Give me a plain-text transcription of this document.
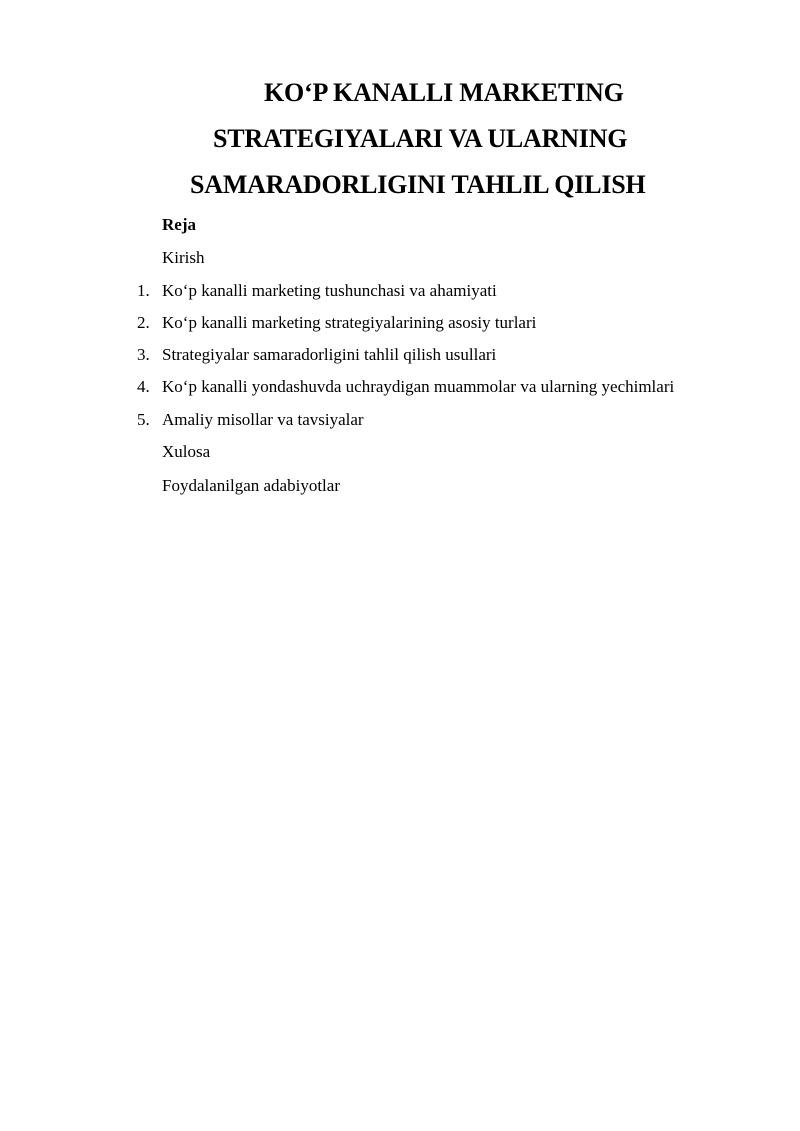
KO‘P KANALLI MARKETING
STRATEGIYALARI VA ULARNING
SAMARADORLIGINI TAHLIL QILISH
Reja
Kirish
1. Ko‘p kanalli marketing tushunchasi va ahamiyati
2. Ko‘p kanalli marketing strategiyalarining asosiy turlari
3. Strategiyalar samaradorligini tahlil qilish usullari
4. Ko‘p kanalli yondashuvda uchraydigan muammolar va ularning yechimlari
5. Amaliy misollar va tavsiyalar
Xulosa
Foydalanilgan adabiyotlar
